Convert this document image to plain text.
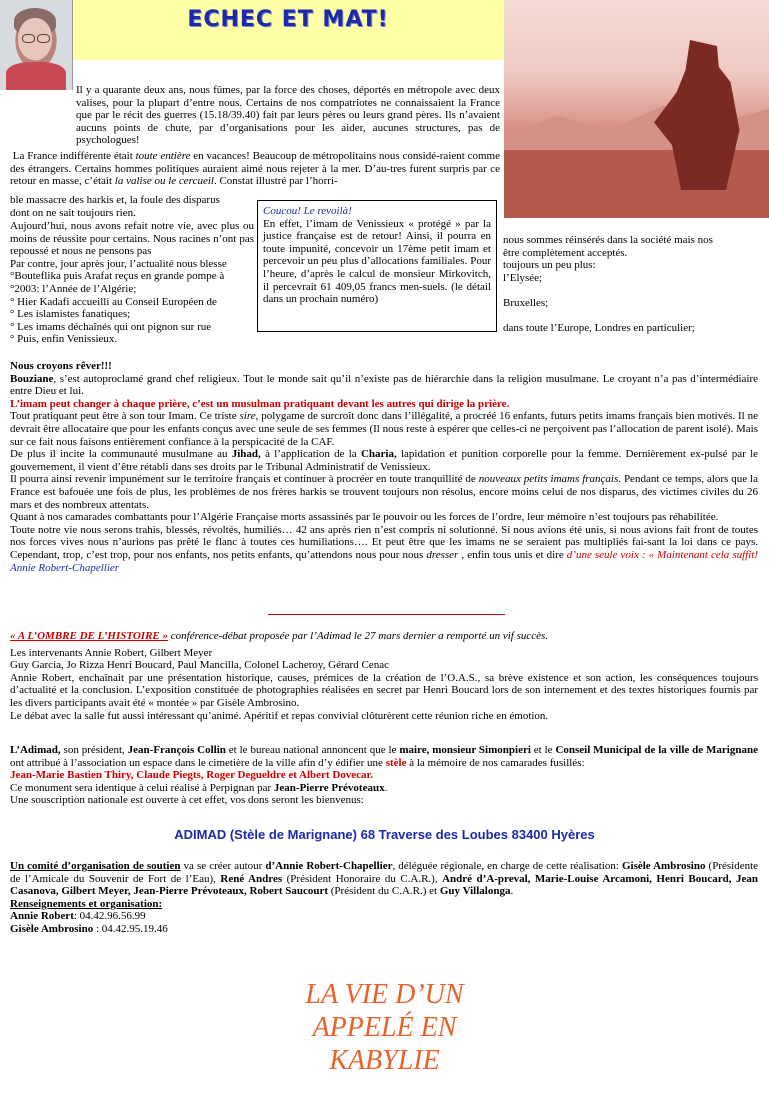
ECHEC ET MAT!

Il y a quarante deux ans, nous fûmes, par la force des choses, déportés en métropole avec deux valises, pour la plupart d’entre nous. Certains de nos compatriotes ne connaissaient la France que par le récit des guerres (15.18/39.40) fait par leurs pères ou leurs grand pères. Ils n’avaient aucuns points de chute, par d’organisations pour les aider, aucunes structures, pas de psychologues!

La France indifférente était toute entière en vacances! Beaucoup de métropolitains nous considé-raient comme des étrangers. Certains hommes politiques auraient aimé nous rejeter à la mer. D’au-tres furent surpris par ce retour en masse, c’était la valise ou le cercueil. Constat illustré par l’horri-

ble massacre des harkis et, la foule des disparus

dont on ne sait toujours rien.	Coucou! Le revoilà!

En effet, l’imam de Venissieux « protégé » par la justice française est de retour! Ainsi, il pourra en toute impunité, concevoir un 17ème petit imam et percevoir un peu plus d’allocations familiales. Pour l’heure, d’après le calcul de monsieur Mirkovitch, il percevrait 61 409,05 francs men-suels. (le détail dans un prochain numéro)

Aujourd’hui, nous avons refait notre vie, avec plus ou moins de réussite pour certains. Nous racines n’ont pas repoussé et nous ne pensons pas

Par contre, jour après jour, l’actualité nous blesse

°Bouteflika puis Arafat reçus en grande pompe à

°2003: l’Année de l’Algérie;

° Hier Kadafi accueilli au Conseil Européen de

° Les islamistes fanatiques;

° Les imams déchaînés qui ont pignon sur rue

° Puis, enfin Venissieux.

nous sommes réinsérés dans la société mais nos

être complètement acceptés.

toujours un peu plus:

l’Elysée;

Bruxelles;

dans toute l’Europe, Londres en particulier;

Nous croyons rêver!!!

Bouziane, s’est autoproclamé grand chef religieux. Tout le monde sait qu’il n’existe pas de hiérarchie dans la religion musulmane. Le croyant n’a pas d’intermédiaire entre Dieu et lui.

L’imam peut changer à chaque prière, c’est un musulman pratiquant devant les autres qui dirige la prière.

Tout pratiquant peut être à son tour Imam. Ce triste sire, polygame de surcroît donc dans l’illégalité, a procréé 16 enfants, futurs petits imams français bien motivés. Il ne devrait être allocataire que pour les enfants conçus avec une seule de ses femmes (Il nous reste à espérer que celles-ci ne perçoivent pas l’allocation de parent isolé). Mais sur ce fait nous faisons entièrement confiance à la perspicacité de la CAF.

De plus il incite la communauté musulmane au Jihad, à l’application de la Charia, lapidation et punition corporelle pour la femme. Dernièrement ex-pulsé par le gouvernement, il vient d’être rétabli dans ses droits par le Tribunal Administratif de Venissieux.

Il pourra ainsi revenir impunément sur le territoire français et continuer à procréer en toute tranquillité de nouveaux petits imams français. Pendant ce temps, alors que la France est bafouée une fois de plus, les problèmes de nos frères harkis se trouvent toujours non résolus, encore moins celui de nos disparus, des victimes civiles du 26 mars et des nombreux attentats.

Quant à nos camarades combattants pour l’Algérie Française morts assassinés par le pouvoir ou les forces de l’ordre, leur mémoire n’est toujours pas réhabilitée.

Toute notre vie nous serons trahis, blessés, révoltés, humiliés… 42 ans après rien n’est compris ni solutionné. Si nous avions été unis, si nous avions fait front de toutes nos forces vives nous n’aurions pas prêté le flanc à toutes ces humiliations…. Et peut être que les imams ne se seraient pas multipliés fai-sant la loi dans ce pays. Cependant, trop, c’est trop, pour nos enfants, nos petits enfants, qu’attendons nous pour nous dresser , enfin tous unis et dire d’une seule voix : « Maintenant cela suffit! Annie Robert-Chapellier

« A L’OMBRE DE L’HISTOIRE » conférence-débat proposée par l’Adimad le 27 mars dernier a remporté un vif succès.

Les intervenants Annie Robert, Gilbert Meyer

Guy Garcia, Jo Rizza Henri Boucard, Paul Mancilla, Colonel Lacheroy, Gérard Cenac

Annie Robert, enchaînait par une présentation historique, causes, prémices de la création de l’O.A.S., sa brève existence et son action, les conséquences toujours d’actualité et la conclusion. L’exposition constituée de photographies réalisées en secret par Henri Boucard lors de son internement et des textes historiques fournis par les divers participants avait été « montée » par Gisèle Ambrosino.

Le débat avec la salle fut aussi intéressant qu’animé. Apéritif et repas convivial clôturèrent cette réunion riche en émotion.

L’Adimad, son président, Jean-François Collin et le bureau national annoncent que le maire, monsieur Simonpieri et le Conseil Municipal de la ville de Marignane ont attribué à l’association un espace dans le cimetière de la ville afin d’y édifier une stèle à la mémoire de nos camarades fusillés:

Jean-Marie Bastien Thiry, Claude Piegts, Roger Degueldre et Albert Dovecar.

Ce monument sera identique à celui réalisé à Perpignan par Jean-Pierre Prévoteaux.

Une souscription nationale est ouverte à cet effet, vos dons seront les bienvenus:

ADIMAD (Stèle de Marignane) 68 Traverse des Loubes 83400 Hyères

Un comité d’organisation de soutien va se créer autour d’Annie Robert-Chapellier, déléguée régionale, en charge de cette réalisation: Gisèle Ambrosino (Présidente de l’Amicale du Souvenir de Fort de l’Eau), René Andres (Président Honoraire du C.A.R.), André d’A-preval, Marie-Louise Arcamoni, Henri Boucard, Jean Casanova, Gilbert Meyer, Jean-Pierre Prévoteaux, Robert Saucourt (Président du C.A.R.) et Guy Villalonga.

Renseignements et organisation:

Annie Robert: 04.42.96.56.99

Gisèle Ambrosino : 04.42.95.19.46

LA VIE D’UN
APPELÉ EN
KABYLIE
